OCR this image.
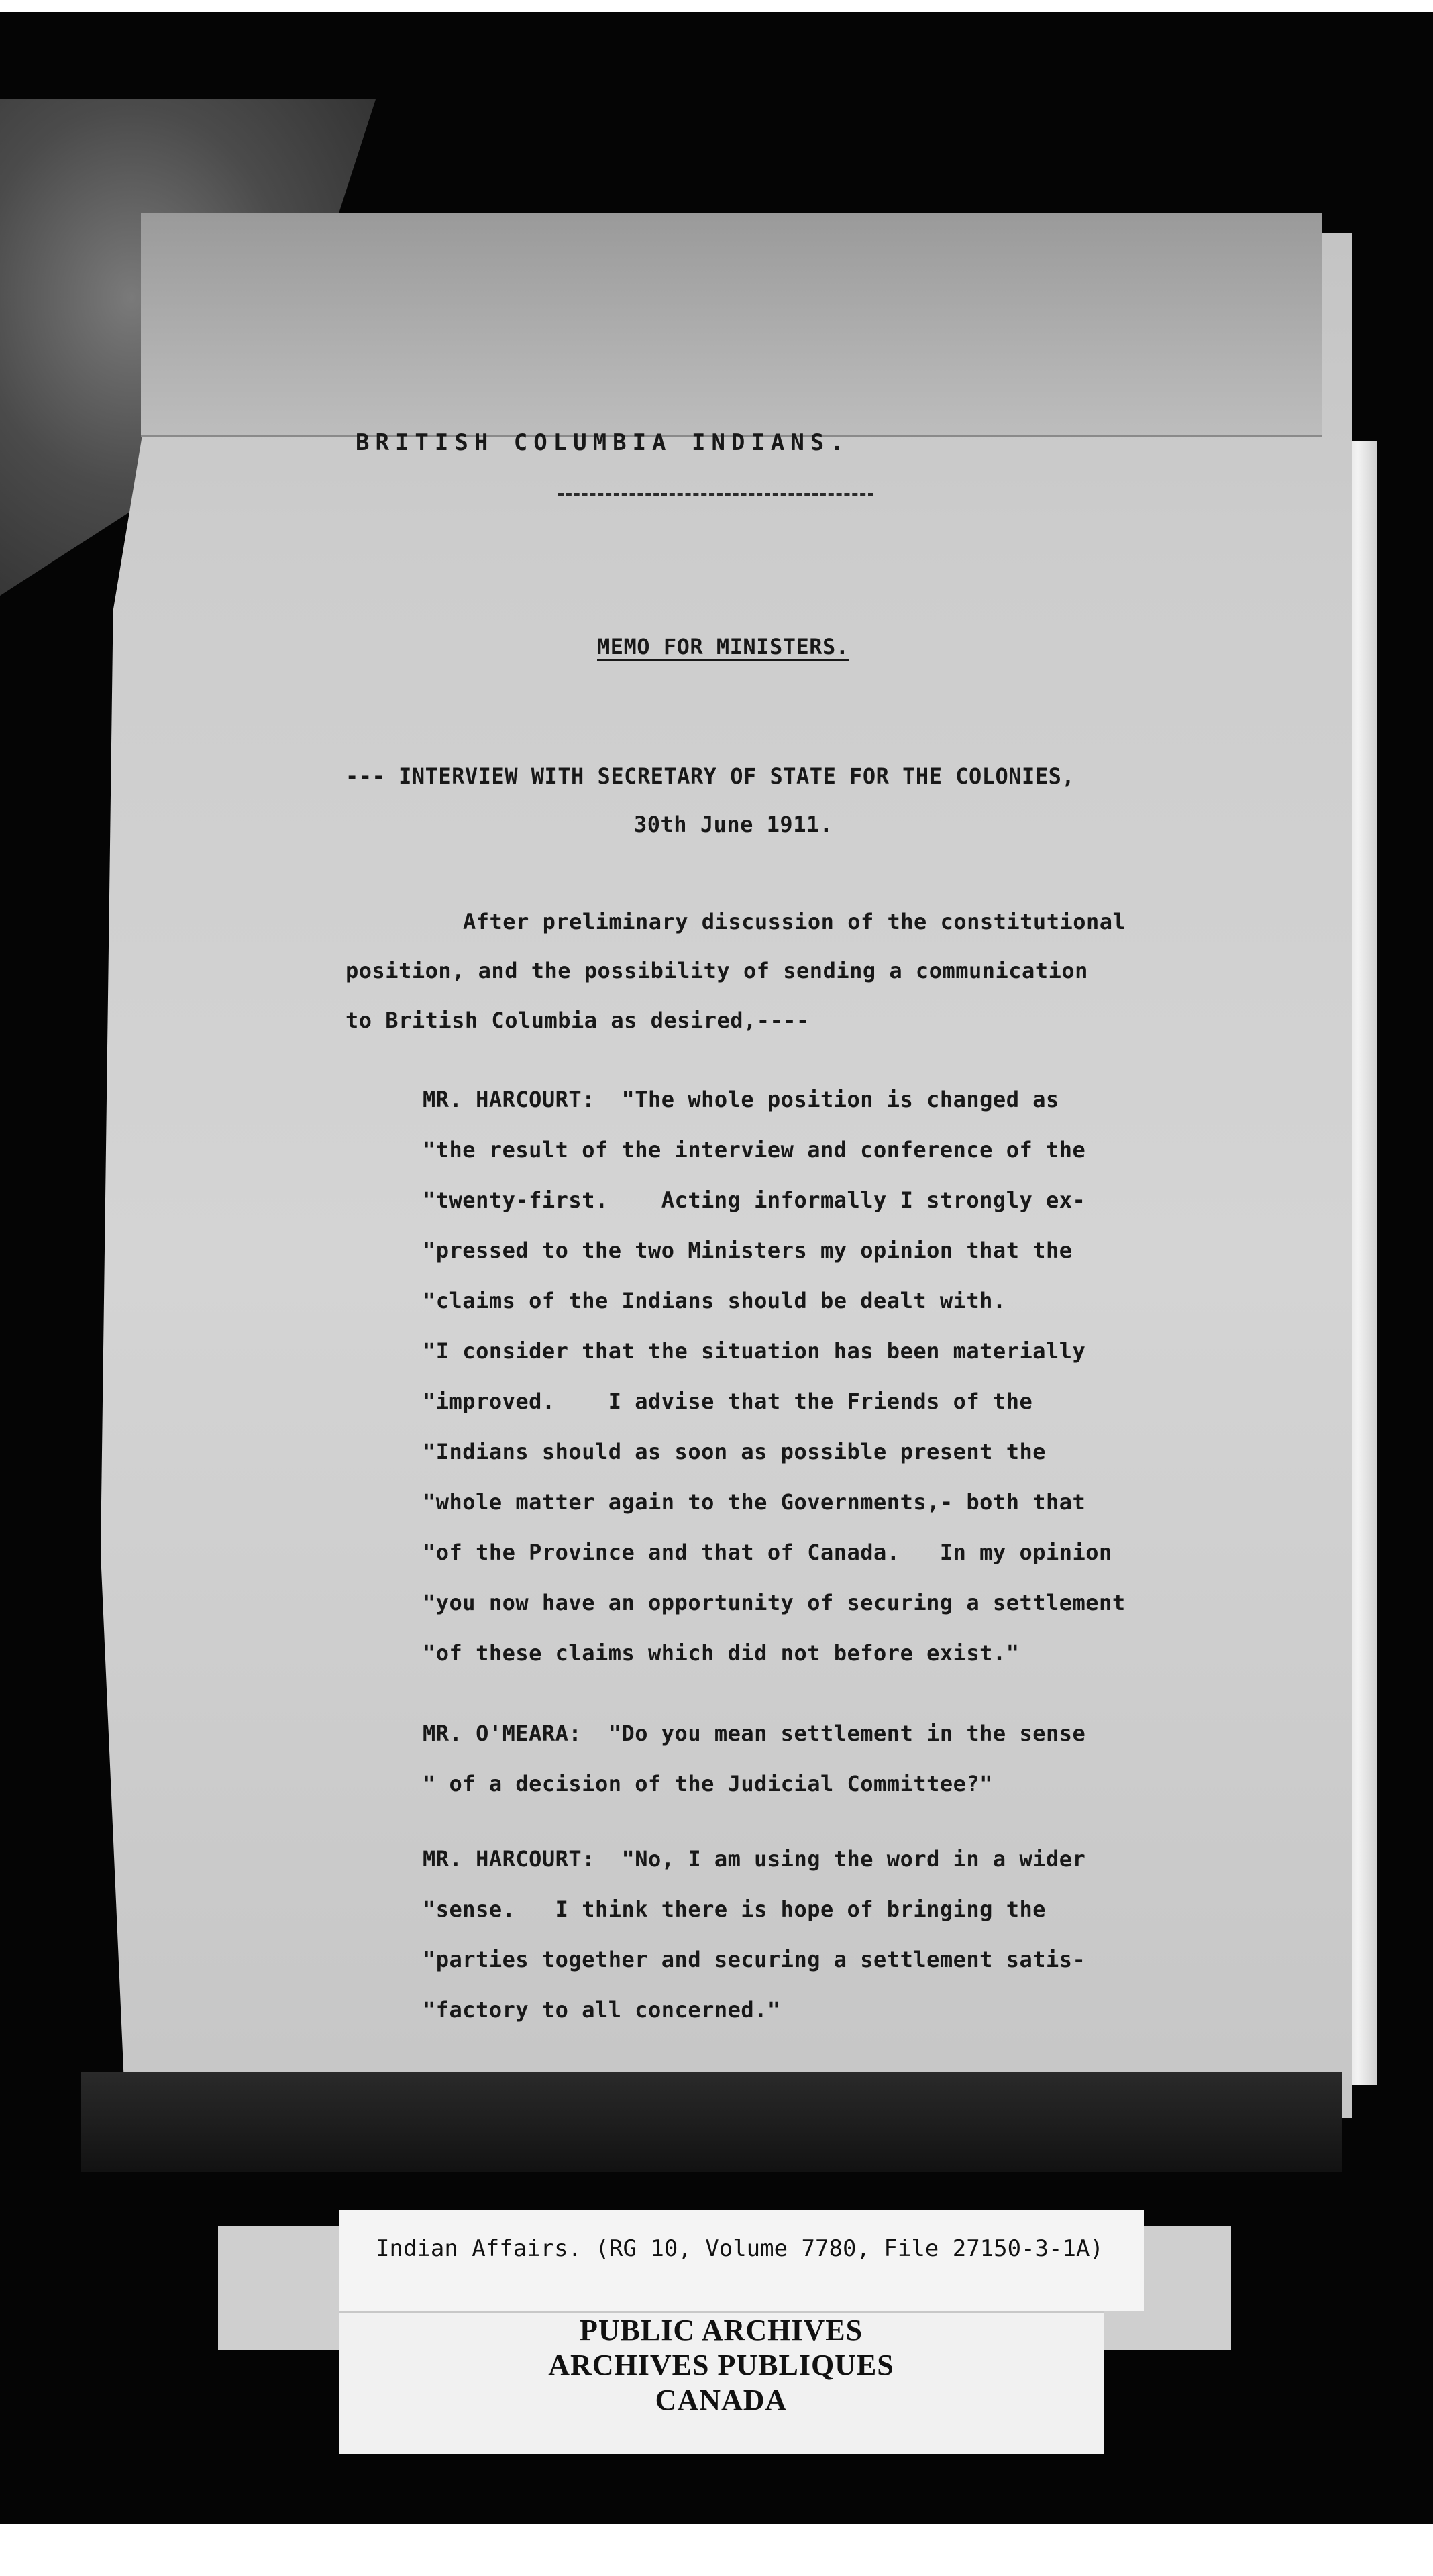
BRITISH COLUMBIA INDIANS.
MEMO FOR MINISTERS.
--- INTERVIEW WITH SECRETARY OF STATE FOR THE COLONIES,
30th June 1911.
After preliminary discussion of the constitutional
position, and the possibility of sending a communication
to British Columbia as desired,----
MR. HARCOURT:  "The whole position is changed as
"the result of the interview and conference of the
"twenty-first.    Acting informally I strongly ex-
"pressed to the two Ministers my opinion that the
"claims of the Indians should be dealt with.
"I consider that the situation has been materially
"improved.    I advise that the Friends of the
"Indians should as soon as possible present the
"whole matter again to the Governments,- both that
"of the Province and that of Canada.   In my opinion
"you now have an opportunity of securing a settlement
"of these claims which did not before exist."
MR. O'MEARA:  "Do you mean settlement in the sense
" of a decision of the Judicial Committee?"
MR. HARCOURT:  "No, I am using the word in a wider
"sense.   I think there is hope of bringing the
"parties together and securing a settlement satis-
"factory to all concerned."
Indian Affairs. (RG 10, Volume 7780, File 27150-3-1A)
PUBLIC ARCHIVES
ARCHIVES PUBLIQUES
CANADA
